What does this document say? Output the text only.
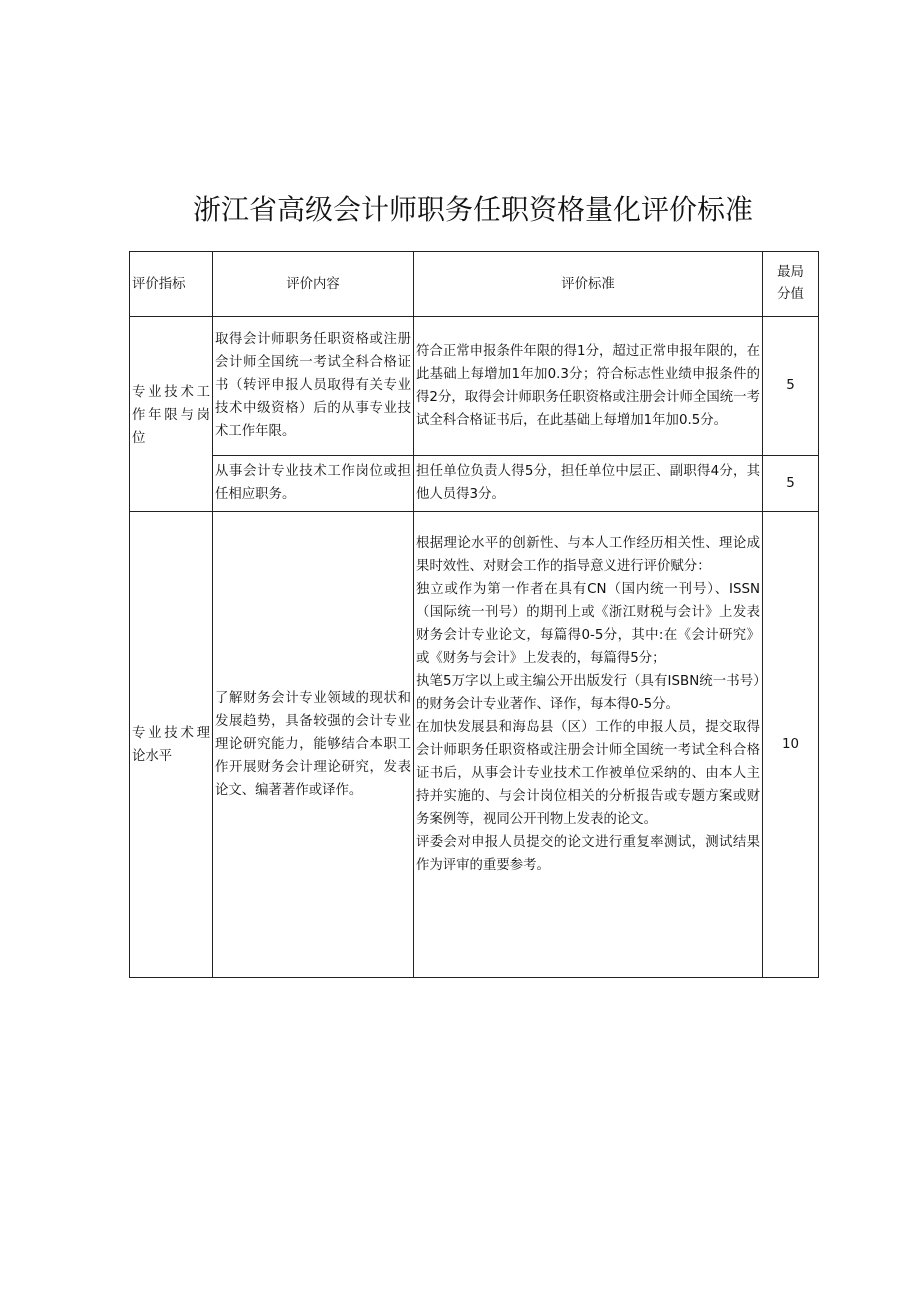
浙江省高级会计师职务任职资格量化评价标准
评价指标	评价内容	评价标准	最局分值

专业技术工作年限与岗位	取得会计师职务任职资格或注册会计师全国统一考试全科合格证书（转评申报人员取得有关专业技术中级资格）后的从事专业技术工作年限。	符合正常申报条件年限的得1分，超过正常申报年限的，在此基础上每增加1年加0.3分；符合标志性业绩申报条件的得2分，取得会计师职务任职资格或注册会计师全国统一考试全科合格证书后，在此基础上每增加1年加0.5分。	5
	从事会计专业技术工作岗位或担任相应职务。	担任单位负责人得5分，担任单位中层正、副职得4分，其他人员得3分。	5
专业技术理论水平	了解财务会计专业领域的现状和发展趋势，具备较强的会计专业理论研究能力，能够结合本职工作开展财务会计理论研究，发表论文、编著著作或译作。	根据理论水平的创新性、与本人工作经历相关性、理论成果时效性、对财会工作的指导意义进行评价赋分：
独立或作为第一作者在具有CN（国内统一刊号）、ISSN（国际统一刊号）的期刊上或《浙江财税与会计》上发表财务会计专业论文，每篇得0-5分，其中:在《会计研究》或《财务与会计》上发表的，每篇得5分；
执笔5万字以上或主编公开出版发行（具有ISBN统一书号）的财务会计专业著作、译作，每本得0-5分。
在加快发展县和海岛县（区）工作的申报人员，提交取得会计师职务任职资格或注册会计师全国统一考试全科合格证书后，从事会计专业技术工作被单位采纳的、由本人主持并实施的、与会计岗位相关的分析报告或专题方案或财务案例等，视同公开刊物上发表的论文。
评委会对申报人员提交的论文进行重复率测试，测试结果作为评审的重要参考。	10
